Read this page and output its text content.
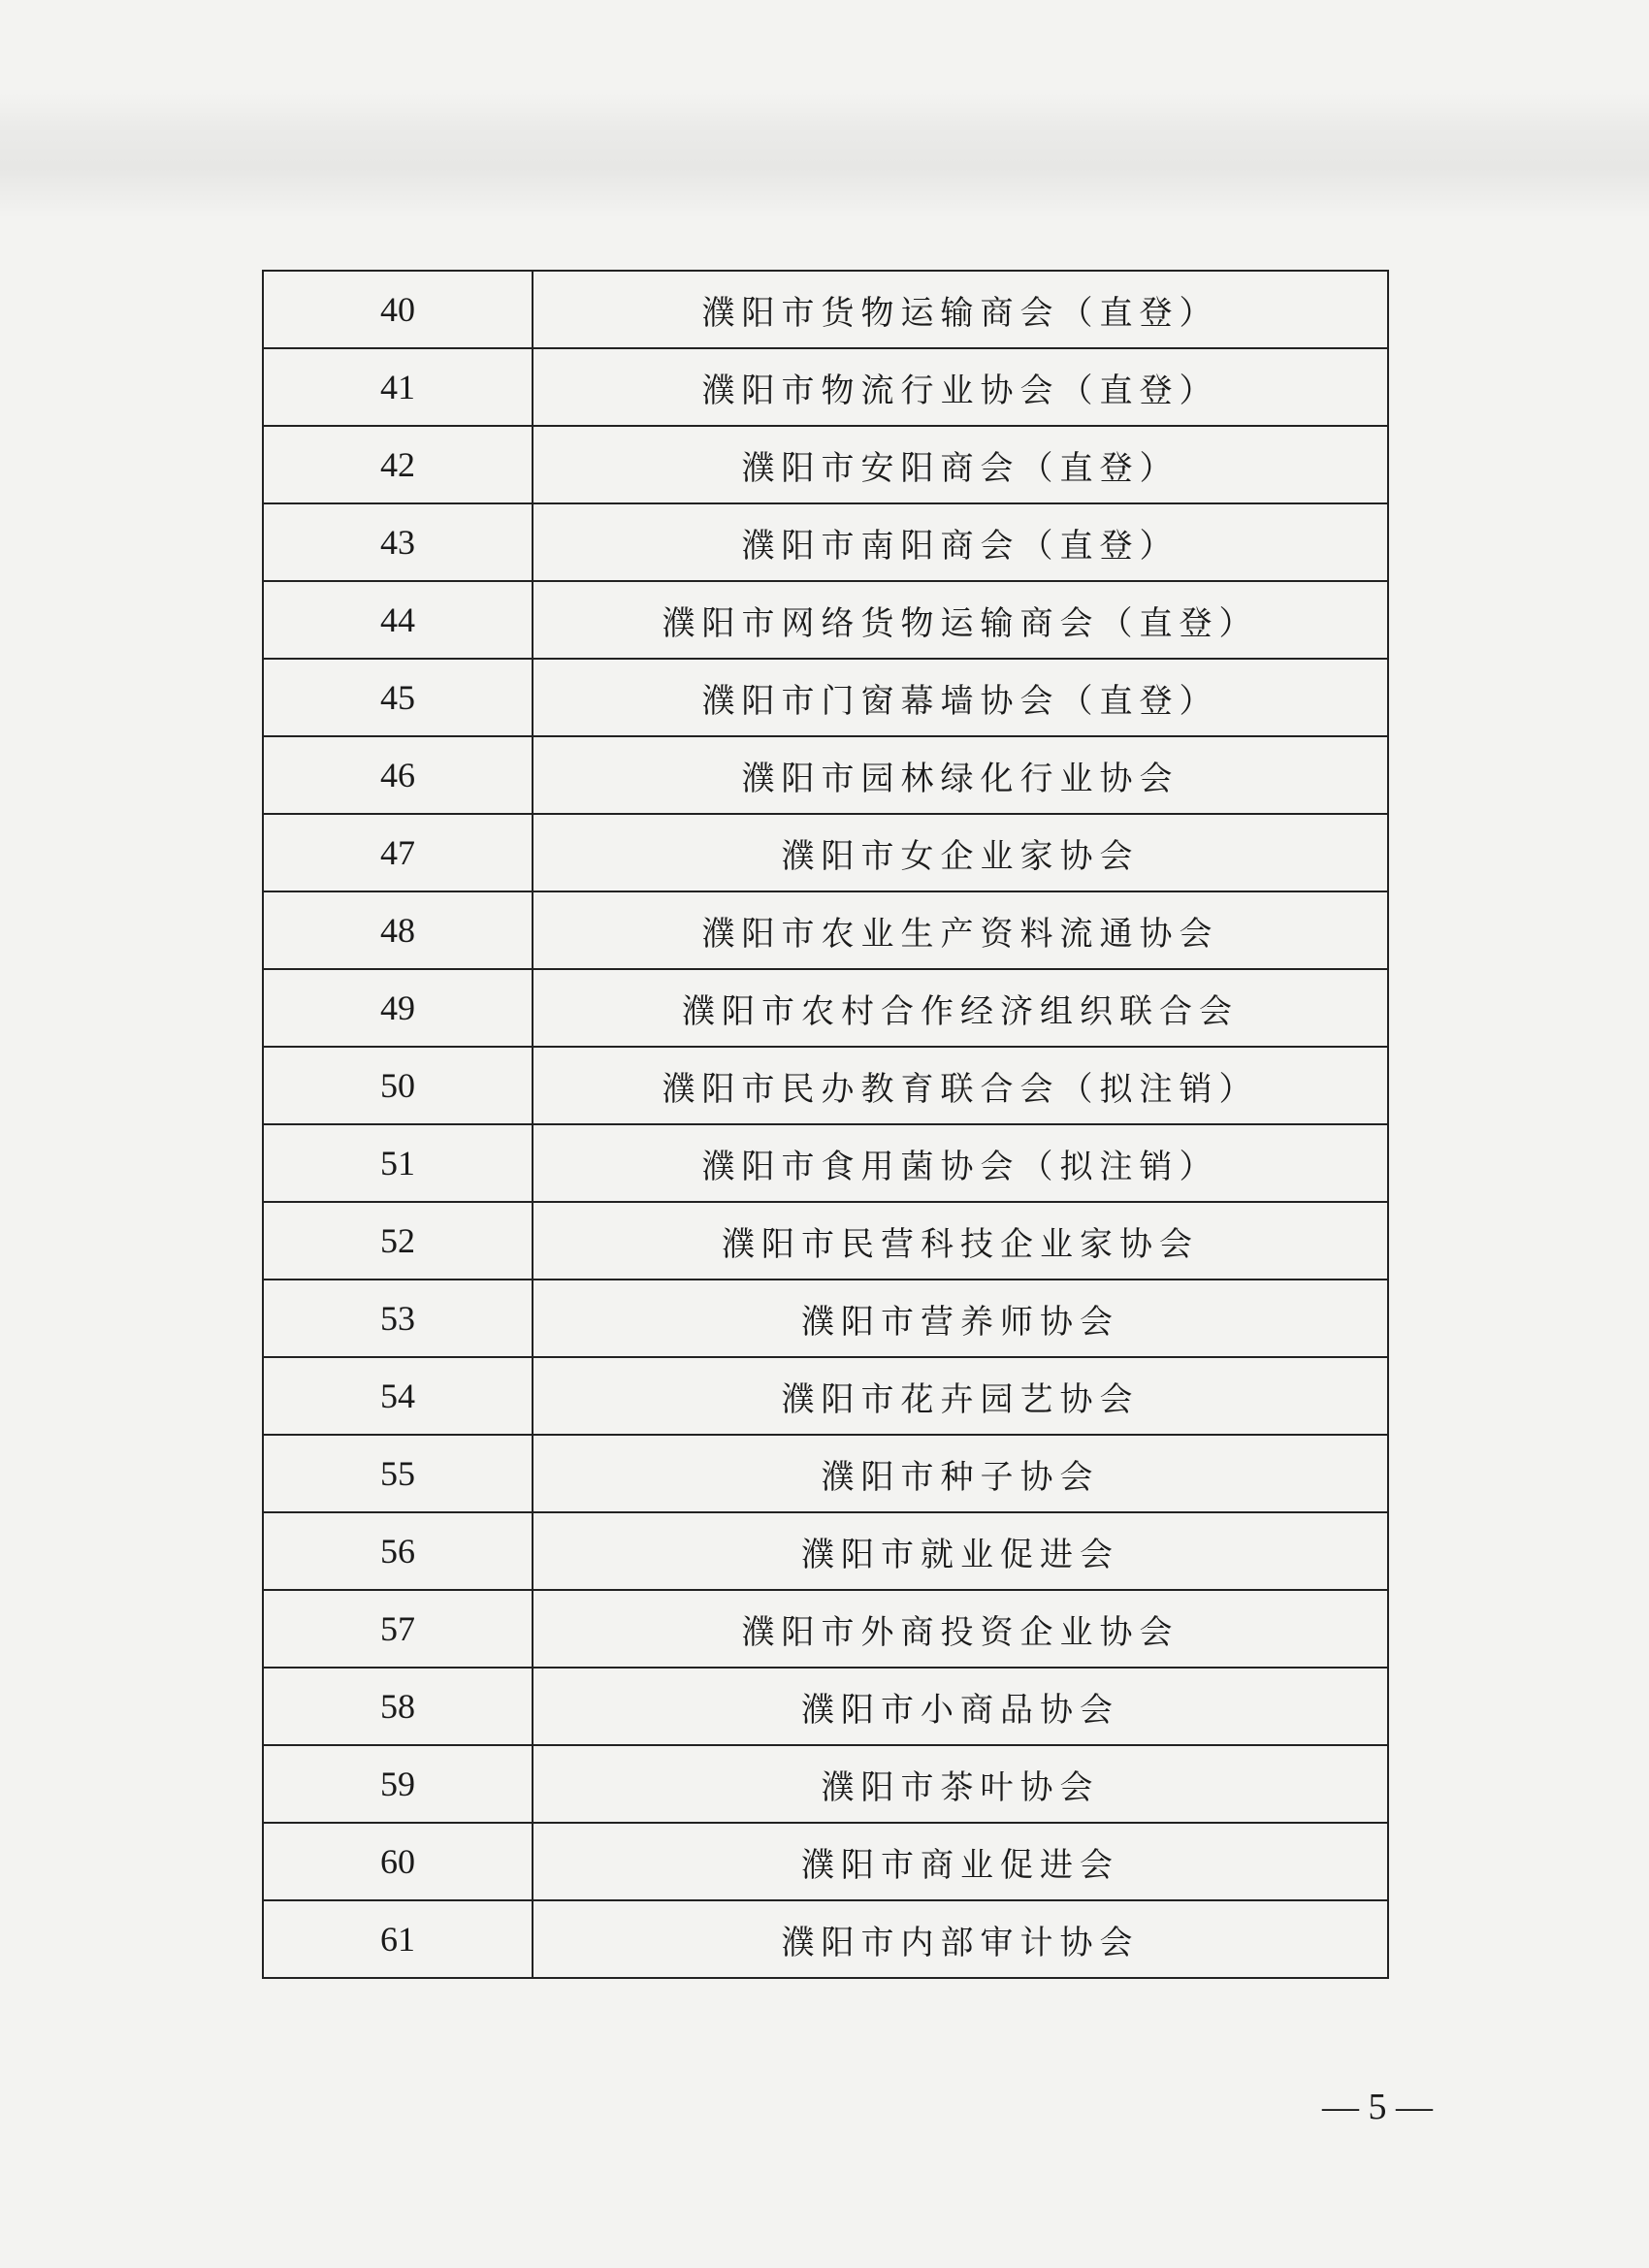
40	濮阳市货物运输商会（直登）
41	濮阳市物流行业协会（直登）
42	濮阳市安阳商会（直登）
43	濮阳市南阳商会（直登）
44	濮阳市网络货物运输商会（直登）
45	濮阳市门窗幕墙协会（直登）
46	濮阳市园林绿化行业协会
47	濮阳市女企业家协会
48	濮阳市农业生产资料流通协会
49	濮阳市农村合作经济组织联合会
50	濮阳市民办教育联合会（拟注销）
51	濮阳市食用菌协会（拟注销）
52	濮阳市民营科技企业家协会
53	濮阳市营养师协会
54	濮阳市花卉园艺协会
55	濮阳市种子协会
56	濮阳市就业促进会
57	濮阳市外商投资企业协会
58	濮阳市小商品协会
59	濮阳市茶叶协会
60	濮阳市商业促进会
61	濮阳市内部审计协会
— 5 —
